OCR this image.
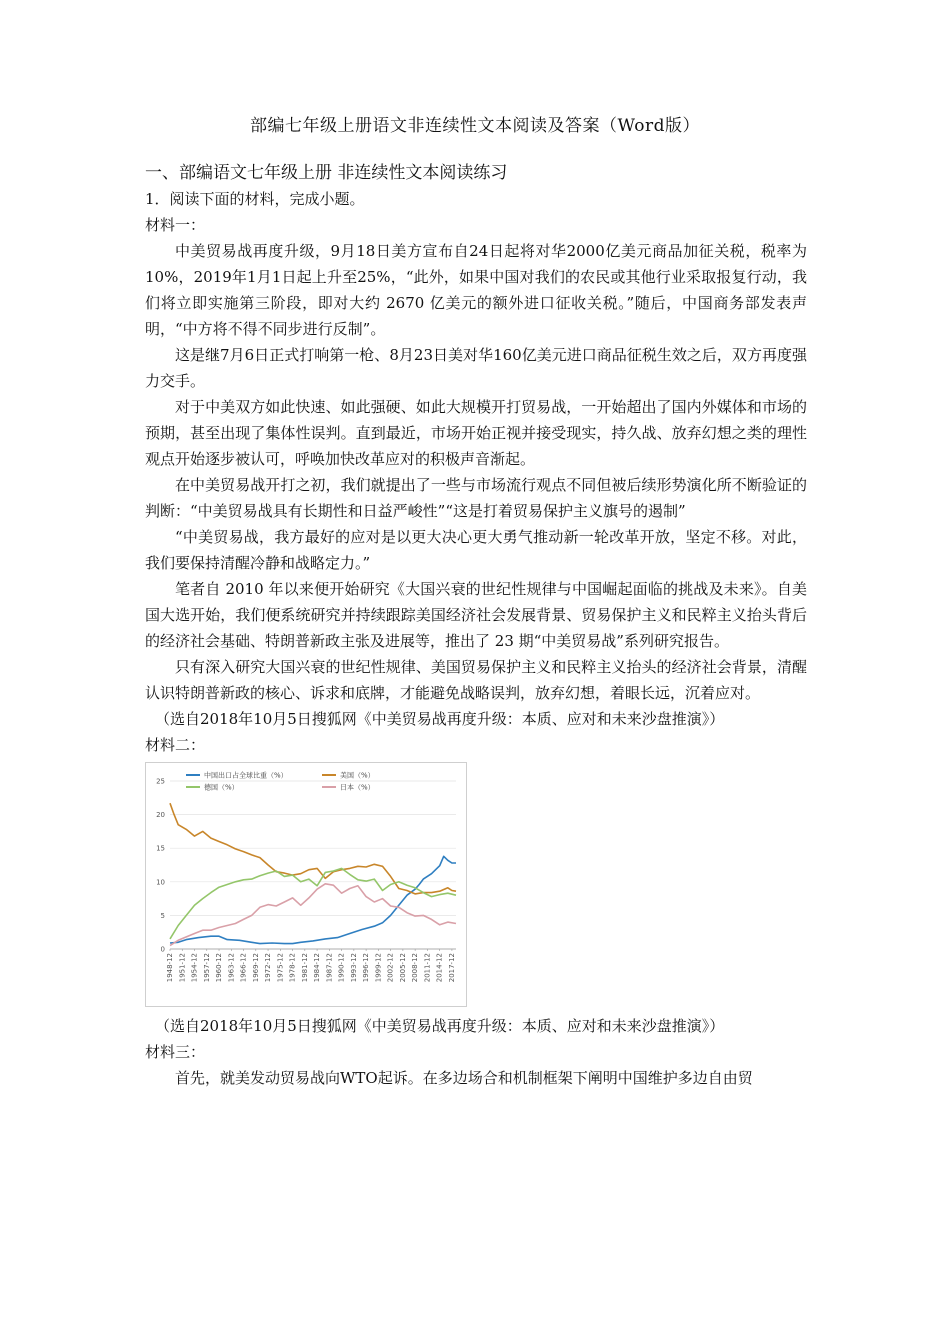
部编七年级上册语文非连续性文本阅读及答案（Word版）

一、部编语文七年级上册 非连续性文本阅读练习

1．阅读下面的材料，完成小题。

材料一：

中美贸易战再度升级，9月18日美方宣布自24日起将对华2000亿美元商品加征关税，税率为10%，2019年1月1日起上升至25%，“此外，如果中国对我们的农民或其他行业采取报复行动，我们将立即实施第三阶段，即对大约 2670 亿美元的额外进口征收关税。”随后，中国商务部发表声明，“中方将不得不同步进行反制”。

这是继7月6日正式打响第一枪、8月23日美对华160亿美元进口商品征税生效之后，双方再度强力交手。

对于中美双方如此快速、如此强硬、如此大规模开打贸易战，一开始超出了国内外媒体和市场的预期，甚至出现了集体性误判。直到最近，市场开始正视并接受现实，持久战、放弃幻想之类的理性观点开始逐步被认可，呼唤加快改革应对的积极声音渐起。

在中美贸易战开打之初，我们就提出了一些与市场流行观点不同但被后续形势演化所不断验证的判断：“中美贸易战具有长期性和日益严峻性”“这是打着贸易保护主义旗号的遏制”

“中美贸易战，我方最好的应对是以更大决心更大勇气推动新一轮改革开放，坚定不移。对此，我们要保持清醒冷静和战略定力。”

笔者自 2010 年以来便开始研究《大国兴衰的世纪性规律与中国崛起面临的挑战及未来》。自美国大选开始，我们便系统研究并持续跟踪美国经济社会发展背景、贸易保护主义和民粹主义抬头背后的经济社会基础、特朗普新政主张及进展等，推出了 23 期“中美贸易战”系列研究报告。

只有深入研究大国兴衰的世纪性规律、美国贸易保护主义和民粹主义抬头的经济社会背景，清醒认识特朗普新政的核心、诉求和底牌，才能避免战略误判，放弃幻想，着眼长远，沉着应对。

（选自2018年10月5日搜狐网《中美贸易战再度升级：本质、应对和未来沙盘推演》）

材料二：

0
5
10
15
20
25
1948-12 1951-12 1954-12 1957-12 1960-12 1963-12 1966-12 1969-12 1972-12 1975-12 1978-12 1981-12 1984-12 1987-12 1990-12 1993-12 1996-12 1999-12 2002-12 2005-12 2008-12 2011-12 2014-12 2017-12
中国出口占全球比重（%）	美国（%）
德国（%）	日本（%）

（选自2018年10月5日搜狐网《中美贸易战再度升级：本质、应对和未来沙盘推演》）

材料三：

首先，就美发动贸易战向WTO起诉。在多边场合和机制框架下阐明中国维护多边自由贸
